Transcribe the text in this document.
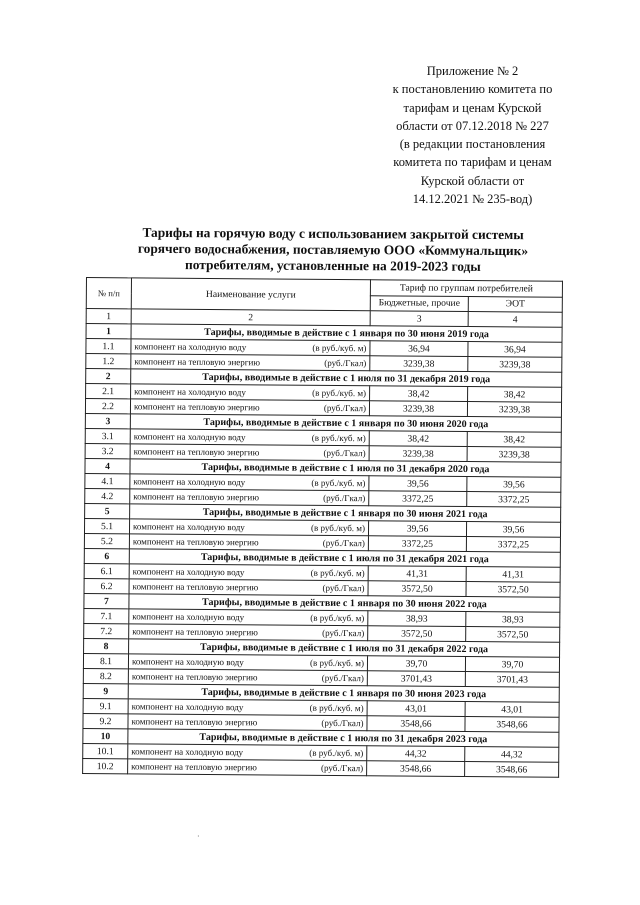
Приложение № 2
к постановлению комитета по
тарифам и ценам Курской
области от 07.12.2018 № 227
(в редакции постановления
комитета по тарифам и ценам
Курской области от
14.12.2021 № 235-вод)
Тарифы на горячую воду с использованием закрытой системы
горячего водоснабжения, поставляемую ООО «Коммунальщик»
потребителям, установленные на 2019-2023 годы
№ п/п	Наименование услуги	Тариф по группам потребителей	
		Бюджетные, прочие	ЭОТ
1	2	3	4
1	Тарифы, вводимые в действие с 1 января по 30 июня 2019 года		
1.1	компонент на холодную воду (в руб./куб. м)	36,94	36,94
1.2	компонент на тепловую энергию (руб./Гкал)	3239,38	3239,38
2	Тарифы, вводимые в действие с 1 июля по 31 декабря 2019 года		
2.1	компонент на холодную воду (в руб./куб. м)	38,42	38,42
2.2	компонент на тепловую энергию (руб./Гкал)	3239,38	3239,38
3	Тарифы, вводимые в действие с 1 января по 30 июня 2020 года		
3.1	компонент на холодную воду (в руб./куб. м)	38,42	38,42
3.2	компонент на тепловую энергию (руб./Гкал)	3239,38	3239,38
4	Тарифы, вводимые в действие с 1 июля по 31 декабря 2020 года		
4.1	компонент на холодную воду (в руб./куб. м)	39,56	39,56
4.2	компонент на тепловую энергию (руб./Гкал)	3372,25	3372,25
5	Тарифы, вводимые в действие с 1 января по 30 июня 2021 года		
5.1	компонент на холодную воду (в руб./куб. м)	39,56	39,56
5.2	компонент на тепловую энергию (руб./Гкал)	3372,25	3372,25
6	Тарифы, вводимые в действие с 1 июля по 31 декабря 2021 года		
6.1	компонент на холодную воду (в руб./куб. м)	41,31	41,31
6.2	компонент на тепловую энергию (руб./Гкал)	3572,50	3572,50
7	Тарифы, вводимые в действие с 1 января по 30 июня 2022 года		
7.1	компонент на холодную воду (в руб./куб. м)	38,93	38,93
7.2	компонент на тепловую энергию (руб./Гкал)	3572,50	3572,50
8	Тарифы, вводимые в действие с 1 июля по 31 декабря 2022 года		
8.1	компонент на холодную воду (в руб./куб. м)	39,70	39,70
8.2	компонент на тепловую энергию (руб./Гкал)	3701,43	3701,43
9	Тарифы, вводимые в действие с 1 января по 30 июня 2023 года		
9.1	компонент на холодную воду (в руб./куб. м)	43,01	43,01
9.2	компонент на тепловую энергию (руб./Гкал)	3548,66	3548,66
10	Тарифы, вводимые в действие с 1 июля по 31 декабря 2023 года		
10.1	компонент на холодную воду (в руб./куб. м)	44,32	44,32
10.2	компонент на тепловую энергию (руб./Гкал)	3548,66	3548,66
·
